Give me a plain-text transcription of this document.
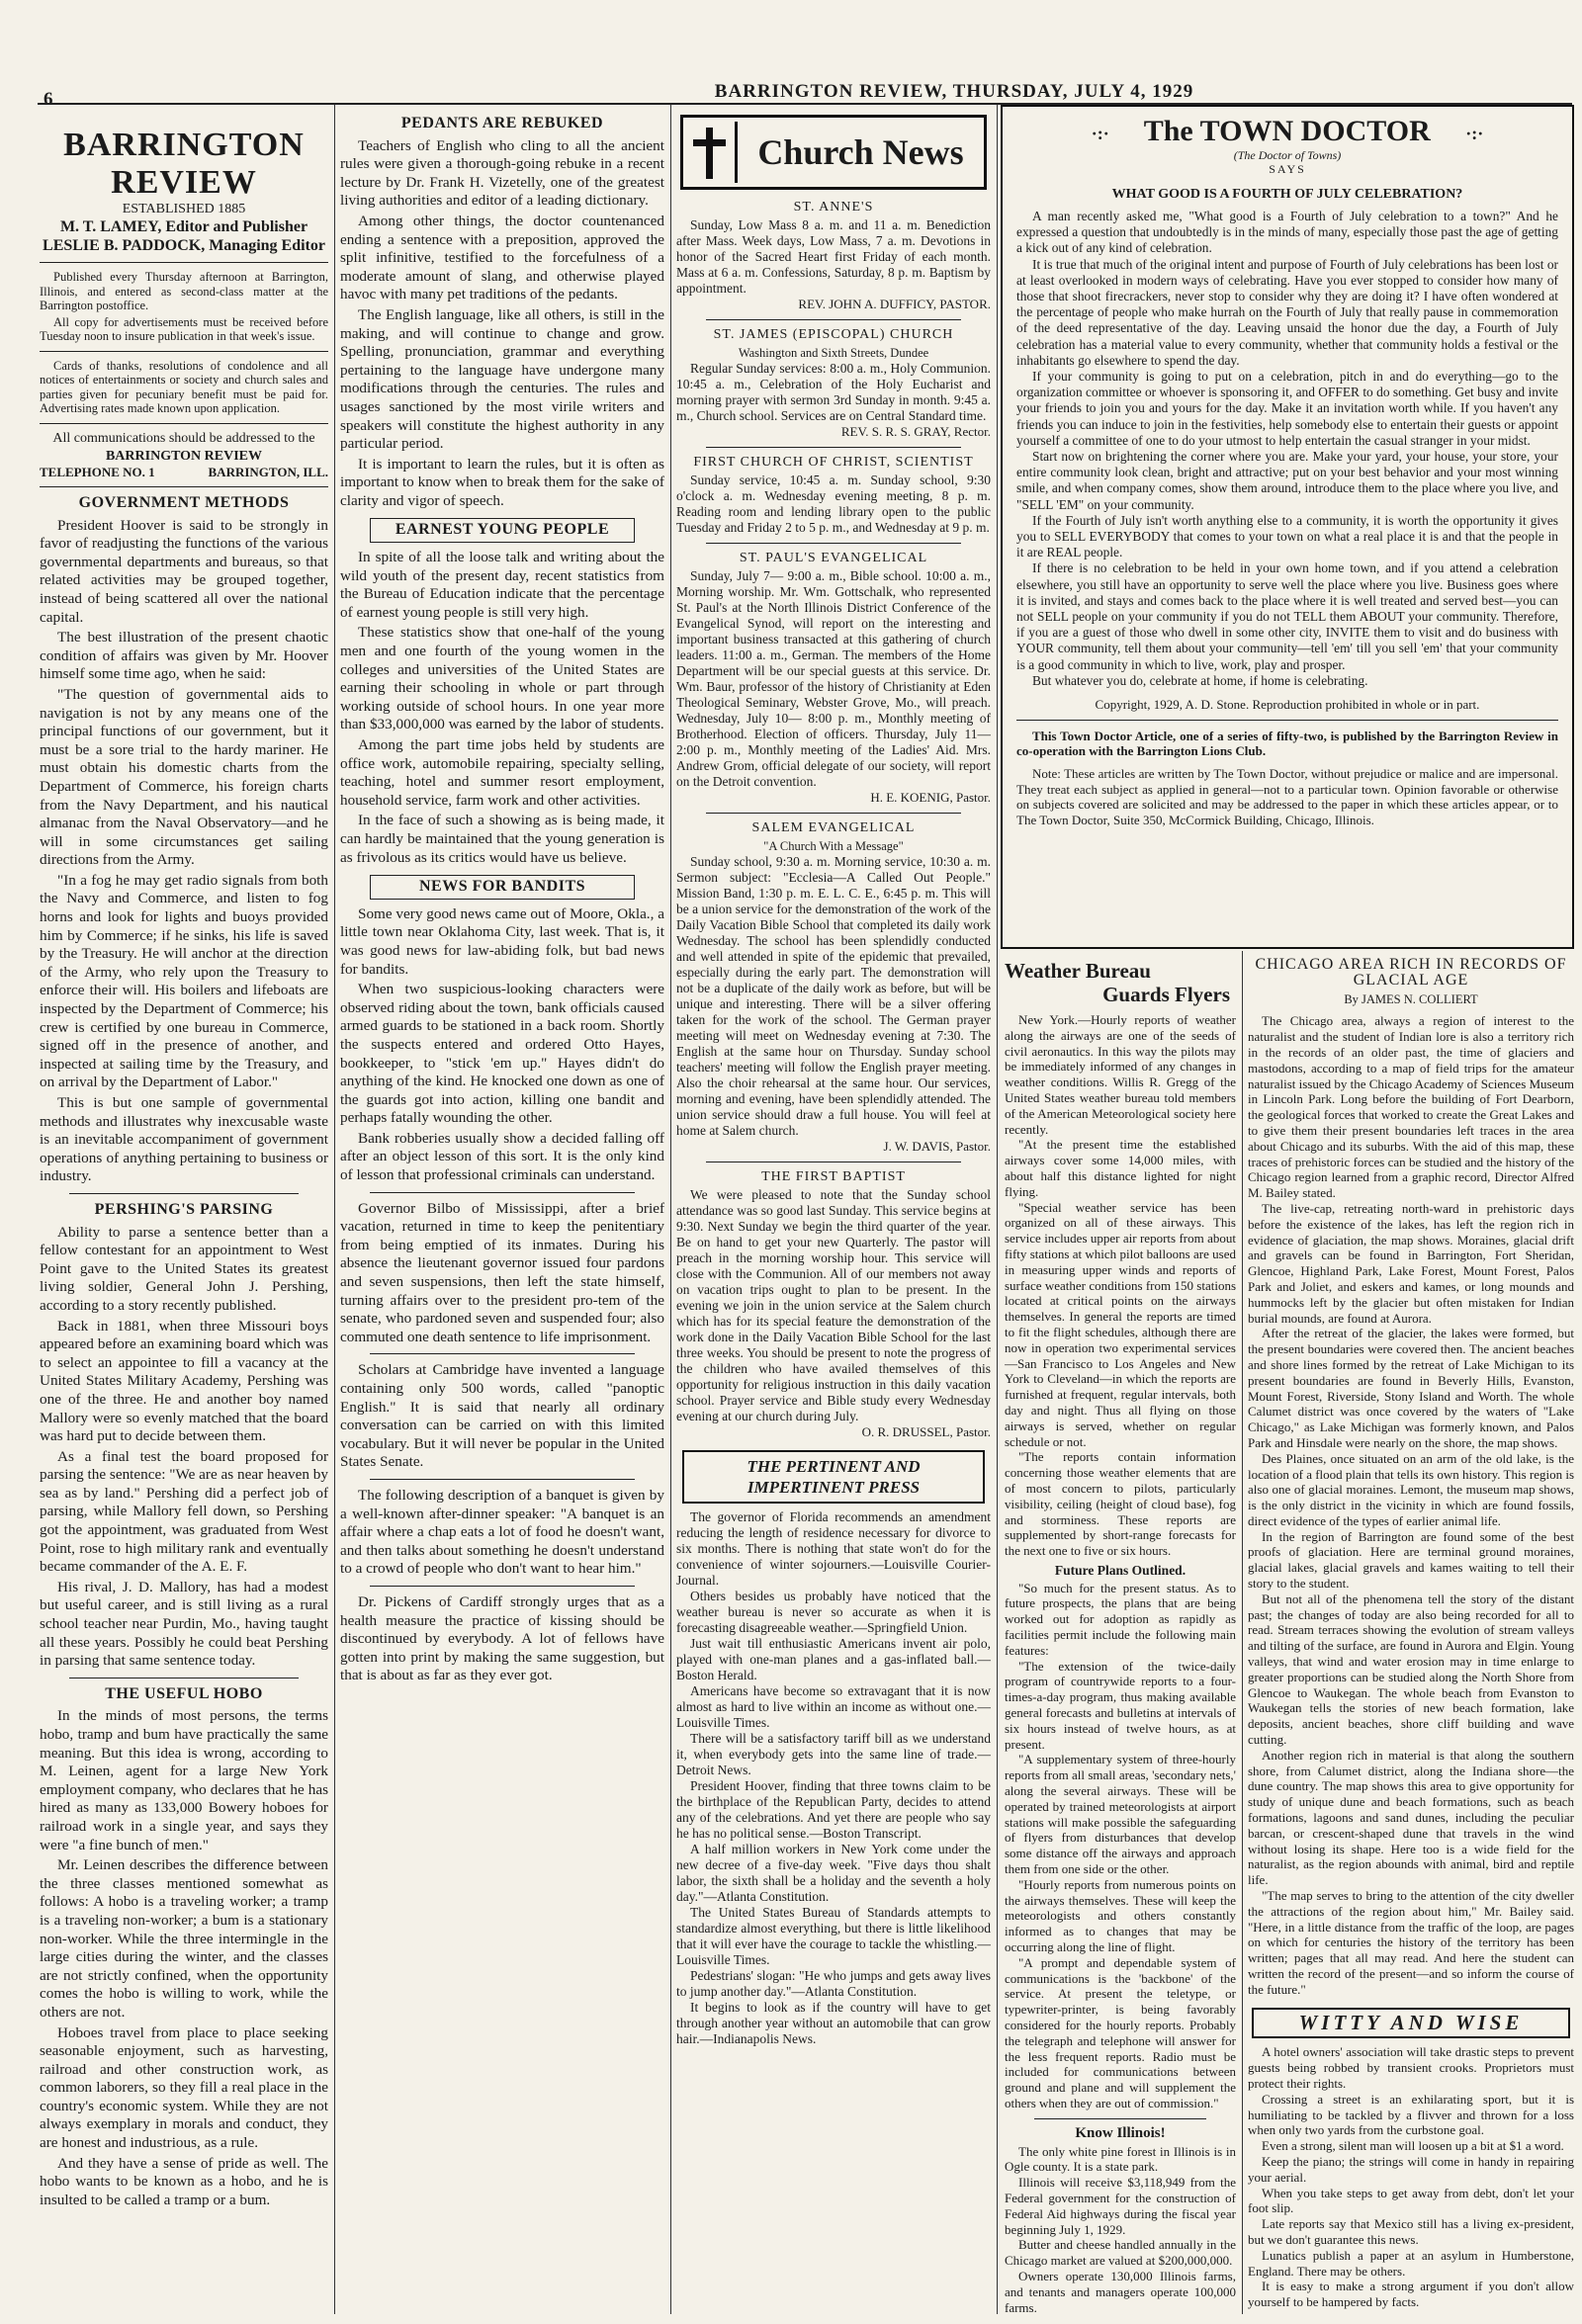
6	BARRINGTON REVIEW, THURSDAY, JULY 4, 1929
BARRINGTON REVIEW
ESTABLISHED 1885
M. T. LAMEY, Editor and Publisher
LESLIE B. PADDOCK, Managing Editor

Published every Thursday afternoon at Barrington, Illinois, and entered as second-class matter at the Barrington postoffice.

All copy for advertisements must be received before Tuesday noon to insure publication in that week's issue.

Cards of thanks, resolutions of condolence and all notices of entertainments or society and church sales and parties given for pecuniary benefit must be paid for. Advertising rates made known upon application.

All communications should be addressed to the
BARRINGTON REVIEW
TELEPHONE NO. 1	BARRINGTON, ILL.
GOVERNMENT METHODS

President Hoover is said to be strongly in favor of readjusting the functions of the various governmental departments and bureaus, so that related activities may be grouped together, instead of being scattered all over the national capital.

The best illustration of the present chaotic condition of affairs was given by Mr. Hoover himself some time ago, when he said:

"The question of governmental aids to navigation is not by any means one of the principal functions of our government, but it must be a sore trial to the hardy mariner. He must obtain his domestic charts from the Department of Commerce, his foreign charts from the Navy Department, and his nautical almanac from the Naval Observatory—and he will in some circumstances get sailing directions from the Army.

"In a fog he may get radio signals from both the Navy and Commerce, and listen to fog horns and look for lights and buoys provided him by Commerce; if he sinks, his life is saved by the Treasury. He will anchor at the direction of the Army, who rely upon the Treasury to enforce their will. His boilers and lifeboats are inspected by the Department of Commerce; his crew is certified by one bureau in Commerce, signed off in the presence of another, and inspected at sailing time by the Treasury, and on arrival by the Department of Labor."

This is but one sample of governmental methods and illustrates why inexcusable waste is an inevitable accompaniment of government operations of anything pertaining to business or industry.

PERSHING'S PARSING

Ability to parse a sentence better than a fellow contestant for an appointment to West Point gave to the United States its greatest living soldier, General John J. Pershing, according to a story recently published.

Back in 1881, when three Missouri boys appeared before an examining board which was to select an appointee to fill a vacancy at the United States Military Academy, Pershing was one of the three. He and another boy named Mallory were so evenly matched that the board was hard put to decide between them.

As a final test the board proposed for parsing the sentence: "We are as near heaven by sea as by land." Pershing did a perfect job of parsing, while Mallory fell down, so Pershing got the appointment, was graduated from West Point, rose to high military rank and eventually became commander of the A. E. F.

His rival, J. D. Mallory, has had a modest but useful career, and is still living as a rural school teacher near Purdin, Mo., having taught all these years. Possibly he could beat Pershing in parsing that same sentence today.

THE USEFUL HOBO

In the minds of most persons, the terms hobo, tramp and bum have practically the same meaning. But this idea is wrong, according to M. Leinen, agent for a large New York employment company, who declares that he has hired as many as 133,000 Bowery hoboes for railroad work in a single year, and says they were "a fine bunch of men."

Mr. Leinen describes the difference between the three classes mentioned somewhat as follows: A hobo is a traveling worker; a tramp is a traveling non-worker; a bum is a stationary non-worker. While the three intermingle in the large cities during the winter, and the classes are not strictly confined, when the opportunity comes the hobo is willing to work, while the others are not.

Hoboes travel from place to place seeking seasonable enjoyment, such as harvesting, railroad and other construction work, as common laborers, so they fill a real place in the country's economic system. While they are not always exemplary in morals and conduct, they are honest and industrious, as a rule.

And they have a sense of pride as well. The hobo wants to be known as a hobo, and he is insulted to be called a tramp or a bum.

PEDANTS ARE REBUKED

Teachers of English who cling to all the ancient rules were given a thorough-going rebuke in a recent lecture by Dr. Frank H. Vizetelly, one of the greatest living authorities and editor of a leading dictionary.

Among other things, the doctor countenanced ending a sentence with a preposition, approved the split infinitive, testified to the forcefulness of a moderate amount of slang, and otherwise played havoc with many pet traditions of the pedants.

The English language, like all others, is still in the making, and will continue to change and grow. Spelling, pronunciation, grammar and everything pertaining to the language have undergone many modifications through the centuries. The rules and usages sanctioned by the most virile writers and speakers will constitute the highest authority in any particular period.

It is important to learn the rules, but it is often as important to know when to break them for the sake of clarity and vigor of speech.

EARNEST YOUNG PEOPLE

In spite of all the loose talk and writing about the wild youth of the present day, recent statistics from the Bureau of Education indicate that the percentage of earnest young people is still very high.

These statistics show that one-half of the young men and one fourth of the young women in the colleges and universities of the United States are earning their schooling in whole or part through working outside of school hours. In one year more than $33,000,000 was earned by the labor of students.

Among the part time jobs held by students are office work, automobile repairing, specialty selling, teaching, hotel and summer resort employment, household service, farm work and other activities.

In the face of such a showing as is being made, it can hardly be maintained that the young generation is as frivolous as its critics would have us believe.

NEWS FOR BANDITS

Some very good news came out of Moore, Okla., a little town near Oklahoma City, last week. That is, it was good news for law-abiding folk, but bad news for bandits.

When two suspicious-looking characters were observed riding about the town, bank officials caused armed guards to be stationed in a back room. Shortly the suspects entered and ordered Otto Hayes, bookkeeper, to "stick 'em up." Hayes didn't do anything of the kind. He knocked one down as one of the guards got into action, killing one bandit and perhaps fatally wounding the other.

Bank robberies usually show a decided falling off after an object lesson of this sort. It is the only kind of lesson that professional criminals can understand.

Governor Bilbo of Mississippi, after a brief vacation, returned in time to keep the penitentiary from being emptied of its inmates. During his absence the lieutenant governor issued four pardons and seven suspensions, then left the state himself, turning affairs over to the president pro-tem of the senate, who pardoned seven and suspended four; also commuted one death sentence to life imprisonment.

Scholars at Cambridge have invented a language containing only 500 words, called "panoptic English." It is said that nearly all ordinary conversation can be carried on with this limited vocabulary. But it will never be popular in the United States Senate.

The following description of a banquet is given by a well-known after-dinner speaker: "A banquet is an affair where a chap eats a lot of food he doesn't want, and then talks about something he doesn't understand to a crowd of people who don't want to hear him."

Dr. Pickens of Cardiff strongly urges that as a health measure the practice of kissing should be discontinued by everybody. A lot of fellows have gotten into print by making the same suggestion, but that is about as far as they ever got.

Church News
ST. ANNE'S

Sunday, Low Mass 8 a. m. and 11 a. m. Benediction after Mass. Week days, Low Mass, 7 a. m. Devotions in honor of the Sacred Heart first Friday of each month. Mass at 6 a. m. Confessions, Saturday, 8 p. m. Baptism by appointment.

REV. JOHN A. DUFFICY, PASTOR.

ST. JAMES (EPISCOPAL) CHURCH
Washington and Sixth Streets, Dundee

Regular Sunday services: 8:00 a. m., Holy Communion. 10:45 a. m., Celebration of the Holy Eucharist and morning prayer with sermon 3rd Sunday in month. 9:45 a. m., Church school. Services are on Central Standard time.

REV. S. R. S. GRAY, Rector.

FIRST CHURCH OF CHRIST, SCIENTIST

Sunday service, 10:45 a. m. Sunday school, 9:30 o'clock a. m. Wednesday evening meeting, 8 p. m. Reading room and lending library open to the public Tuesday and Friday 2 to 5 p. m., and Wednesday at 9 p. m.

ST. PAUL'S EVANGELICAL

Sunday, July 7— 9:00 a. m., Bible school. 10:00 a. m., Morning worship. Mr. Wm. Gottschalk, who represented St. Paul's at the North Illinois District Conference of the Evangelical Synod, will report on the interesting and important business transacted at this gathering of church leaders. 11:00 a. m., German. The members of the Home Department will be our special guests at this service. Dr. Wm. Baur, professor of the history of Christianity at Eden Theological Seminary, Webster Grove, Mo., will preach. Wednesday, July 10— 8:00 p. m., Monthly meeting of Brotherhood. Election of officers. Thursday, July 11— 2:00 p. m., Monthly meeting of the Ladies' Aid. Mrs. Andrew Grom, official delegate of our society, will report on the Detroit convention.

H. E. KOENIG, Pastor.

SALEM EVANGELICAL
"A Church With a Message"

Sunday school, 9:30 a. m. Morning service, 10:30 a. m. Sermon subject: "Ecclesia—A Called Out People." Mission Band, 1:30 p. m. E. L. C. E., 6:45 p. m. This will be a union service for the demonstration of the work of the Daily Vacation Bible School that completed its daily work Wednesday. The school has been splendidly conducted and well attended in spite of the epidemic that prevailed, especially during the early part. The demonstration will not be a duplicate of the daily work as before, but will be unique and interesting. There will be a silver offering taken for the work of the school. The German prayer meeting will meet on Wednesday evening at 7:30. The English at the same hour on Thursday. Sunday school teachers' meeting will follow the English prayer meeting. Also the choir rehearsal at the same hour. Our services, morning and evening, have been splendidly attended. The union service should draw a full house. You will feel at home at Salem church.

J. W. DAVIS, Pastor.

THE FIRST BAPTIST

We were pleased to note that the Sunday school attendance was so good last Sunday. This service begins at 9:30. Next Sunday we begin the third quarter of the year. Be on hand to get your new Quarterly. The pastor will preach in the morning worship hour. This service will close with the Communion. All of our members not away on vacation trips ought to plan to be present. In the evening we join in the union service at the Salem church which has for its special feature the demonstration of the work done in the Daily Vacation Bible School for the last three weeks. You should be present to note the progress of the children who have availed themselves of this opportunity for religious instruction in this daily vacation school. Prayer service and Bible study every Wednesday evening at our church during July.

O. R. DRUSSEL, Pastor.

THE PERTINENT AND IMPERTINENT PRESS

The governor of Florida recommends an amendment reducing the length of residence necessary for divorce to six months. There is nothing that state won't do for the convenience of winter sojourners.—Louisville Courier-Journal.

Others besides us probably have noticed that the weather bureau is never so accurate as when it is forecasting disagreeable weather.—Springfield Union.

Just wait till enthusiastic Americans invent air polo, played with one-man planes and a gas-inflated ball.—Boston Herald.

Americans have become so extravagant that it is now almost as hard to live within an income as without one.—Louisville Times.

There will be a satisfactory tariff bill as we understand it, when everybody gets into the same line of trade.—Detroit News.

President Hoover, finding that three towns claim to be the birthplace of the Republican Party, decides to attend any of the celebrations. And yet there are people who say he has no political sense.—Boston Transcript.

A half million workers in New York come under the new decree of a five-day week. "Five days thou shalt labor, the sixth shall be a holiday and the seventh a holy day."—Atlanta Constitution.

The United States Bureau of Standards attempts to standardize almost everything, but there is little likelihood that it will ever have the courage to tackle the whistling.—Louisville Times.

Pedestrians' slogan: "He who jumps and gets away lives to jump another day."—Atlanta Constitution.

It begins to look as if the country will have to get through another year without an automobile that can grow hair.—Indianapolis News.

·:· The TOWN DOCTOR ·:·
(The Doctor of Towns)
SAYS
WHAT GOOD IS A FOURTH OF JULY CELEBRATION?

A man recently asked me, "What good is a Fourth of July celebration to a town?" And he expressed a question that undoubtedly is in the minds of many, especially those past the age of getting a kick out of any kind of celebration.

It is true that much of the original intent and purpose of Fourth of July celebrations has been lost or at least overlooked in modern ways of celebrating. Have you ever stopped to consider how many of those that shoot firecrackers, never stop to consider why they are doing it? I have often wondered at the percentage of people who make hurrah on the Fourth of July that really pause in commemoration of the deed representative of the day. Leaving unsaid the honor due the day, a Fourth of July celebration has a material value to every community, whether that community holds a festival or the inhabitants go elsewhere to spend the day.

If your community is going to put on a celebration, pitch in and do everything—go to the organization committee or whoever is sponsoring it, and OFFER to do something. Get busy and invite your friends to join you and yours for the day. Make it an invitation worth while. If you haven't any friends you can induce to join in the festivities, help somebody else to entertain their guests or appoint yourself a committee of one to do your utmost to help entertain the casual stranger in your midst.

Start now on brightening the corner where you are. Make your yard, your house, your store, your entire community look clean, bright and attractive; put on your best behavior and your most winning smile, and when company comes, show them around, introduce them to the place where you live, and "SELL 'EM" on your community.

If the Fourth of July isn't worth anything else to a community, it is worth the opportunity it gives you to SELL EVERYBODY that comes to your town on what a real place it is and that the people in it are REAL people.

If there is no celebration to be held in your own home town, and if you attend a celebration elsewhere, you still have an opportunity to serve well the place where you live. Business goes where it is invited, and stays and comes back to the place where it is well treated and served best—you can not SELL people on your community if you do not TELL them ABOUT your community. Therefore, if you are a guest of those who dwell in some other city, INVITE them to visit and do business with YOUR community, tell them about your community—tell 'em' till you sell 'em' that your community is a good community in which to live, work, play and prosper.

But whatever you do, celebrate at home, if home is celebrating.

Copyright, 1929, A. D. Stone. Reproduction prohibited in whole or in part.

This Town Doctor Article, one of a series of fifty-two, is published by the Barrington Review in co-operation with the Barrington Lions Club.

Note: These articles are written by The Town Doctor, without prejudice or malice and are impersonal. They treat each subject as applied in general—not to a particular town. Opinion favorable or otherwise on subjects covered are solicited and may be addressed to the paper in which these articles appear, or to The Town Doctor, Suite 350, McCormick Building, Chicago, Illinois.

Weather Bureau
Guards Flyers

New York.—Hourly reports of weather along the airways are one of the seeds of civil aeronautics. In this way the pilots may be immediately informed of any changes in weather conditions. Willis R. Gregg of the United States weather bureau told members of the American Meteorological society here recently.

"At the present time the established airways cover some 14,000 miles, with about half this distance lighted for night flying.

"Special weather service has been organized on all of these airways. This service includes upper air reports from about fifty stations at which pilot balloons are used in measuring upper winds and reports of surface weather conditions from 150 stations located at critical points on the airways themselves. In general the reports are timed to fit the flight schedules, although there are now in operation two experimental services—San Francisco to Los Angeles and New York to Cleveland—in which the reports are furnished at frequent, regular intervals, both day and night. Thus all flying on those airways is served, whether on regular schedule or not.

"The reports contain information concerning those weather elements that are of most concern to pilots, particularly visibility, ceiling (height of cloud base), fog and storminess. These reports are supplemented by short-range forecasts for the next one to five or six hours.

Future Plans Outlined.

"So much for the present status. As to future prospects, the plans that are being worked out for adoption as rapidly as facilities permit include the following main features:

"The extension of the twice-daily program of countrywide reports to a four-times-a-day program, thus making available general forecasts and bulletins at intervals of six hours instead of twelve hours, as at present.

"A supplementary system of three-hourly reports from all small areas, 'secondary nets,' along the several airways. These will be operated by trained meteorologists at airport stations will make possible the safeguarding of flyers from disturbances that develop some distance off the airways and approach them from one side or the other.

"Hourly reports from numerous points on the airways themselves. These will keep the meteorologists and others constantly informed as to changes that may be occurring along the line of flight.

"A prompt and dependable system of communications is the 'backbone' of the service. At present the teletype, or typewriter-printer, is being favorably considered for the hourly reports. Probably the telegraph and telephone will answer for the less frequent reports. Radio must be included for communications between ground and plane and will supplement the others when they are out of commission."

Know Illinois!

The only white pine forest in Illinois is in Ogle county. It is a state park.

Illinois will receive $3,118,949 from the Federal government for the construction of Federal Aid highways during the fiscal year beginning July 1, 1929.

Butter and cheese handled annually in the Chicago market are valued at $200,000,000.

Owners operate 130,000 Illinois farms, and tenants and managers operate 100,000 farms.

CHICAGO AREA RICH IN RECORDS OF GLACIAL AGE
By JAMES N. COLLIERT

The Chicago area, always a region of interest to the naturalist and the student of Indian lore is also a territory rich in the records of an older past, the time of glaciers and mastodons, according to a map of field trips for the amateur naturalist issued by the Chicago Academy of Sciences Museum in Lincoln Park. Long before the building of Fort Dearborn, the geological forces that worked to create the Great Lakes and to give them their present boundaries left traces in the area about Chicago and its suburbs. With the aid of this map, these traces of prehistoric forces can be studied and the history of the Chicago region learned from a graphic record, Director Alfred M. Bailey stated.

The live-cap, retreating north-ward in prehistoric days before the existence of the lakes, has left the region rich in evidence of glaciation, the map shows. Moraines, glacial drift and gravels can be found in Barrington, Fort Sheridan, Glencoe, Highland Park, Lake Forest, Mount Forest, Palos Park and Joliet, and eskers and kames, or long mounds and hummocks left by the glacier but often mistaken for Indian burial mounds, are found at Aurora.

After the retreat of the glacier, the lakes were formed, but the present boundaries were covered then. The ancient beaches and shore lines formed by the retreat of Lake Michigan to its present boundaries are found in Beverly Hills, Evanston, Mount Forest, Riverside, Stony Island and Worth. The whole Calumet district was once covered by the waters of "Lake Chicago," as Lake Michigan was formerly known, and Palos Park and Hinsdale were nearly on the shore, the map shows.

Des Plaines, once situated on an arm of the old lake, is the location of a flood plain that tells its own history. This region is also one of glacial moraines. Lemont, the museum map shows, is the only district in the vicinity in which are found fossils, direct evidence of the types of earlier animal life.

In the region of Barrington are found some of the best proofs of glaciation. Here are terminal ground moraines, glacial lakes, glacial gravels and kames waiting to tell their story to the student.

But not all of the phenomena tell the story of the distant past; the changes of today are also being recorded for all to read. Stream terraces showing the evolution of stream valleys and tilting of the surface, are found in Aurora and Elgin. Young valleys, that wind and water erosion may in time enlarge to greater proportions can be studied along the North Shore from Glencoe to Waukegan. The whole beach from Evanston to Waukegan tells the stories of new beach formation, lake deposits, ancient beaches, shore cliff building and wave cutting.

Another region rich in material is that along the southern shore, from Calumet district, along the Indiana shore—the dune country. The map shows this area to give opportunity for study of unique dune and beach formations, such as beach formations, lagoons and sand dunes, including the peculiar barcan, or crescent-shaped dune that travels in the wind without losing its shape. Here too is a wide field for the naturalist, as the region abounds with animal, bird and reptile life.

"The map serves to bring to the attention of the city dweller the attractions of the region about him," Mr. Bailey said. "Here, in a little distance from the traffic of the loop, are pages on which for centuries the history of the territory has been written; pages that all may read. And here the student can written the record of the present—and so inform the course of the future."

WITTY AND WISE

A hotel owners' association will take drastic steps to prevent guests being robbed by transient crooks. Proprietors must protect their rights.

Crossing a street is an exhilarating sport, but it is humiliating to be tackled by a flivver and thrown for a loss when only two yards from the curbstone goal.

Even a strong, silent man will loosen up a bit at $1 a word.

Keep the piano; the strings will come in handy in repairing your aerial.

When you take steps to get away from debt, don't let your foot slip.

Late reports say that Mexico still has a living ex-president, but we don't guarantee this news.

Lunatics publish a paper at an asylum in Humberstone, England. There may be others.

It is easy to make a strong argument if you don't allow yourself to be hampered by facts.
